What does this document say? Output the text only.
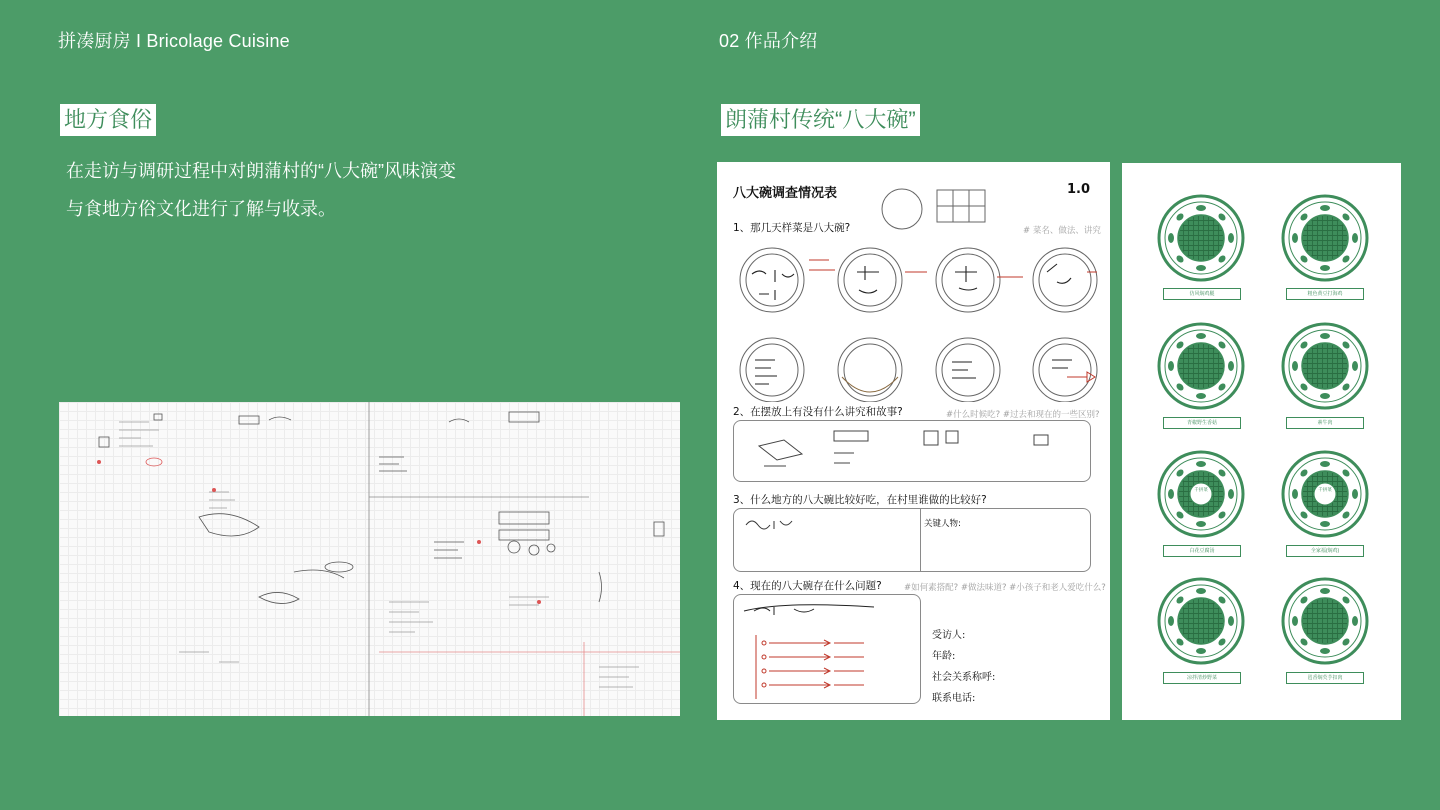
拼凑厨房 I Bricolage Cuisine	02 作品介绍
地方食俗	朗蒲村传统“八大碗”
在走访与调研过程中对朗蒲村的“八大碗”风味演变与食地方俗文化进行了解与收录。
八大碗调查情况表	1.0
1、那几天样菜是八大碗?	# 菜名、做法、讲究
2、在摆放上有没有什么讲究和故事?	#什么时候吃? #过去和现在的一些区别?
3、什么地方的八大碗比较好吃，在村里谁做的比较好?
关键人物:
4、现在的八大碗存在什么问题?	#如何素搭配? #做法味道? #小孩子和老人爱吃什么?
受访人:
年龄:
社会关系称呼:
联系电话:
千拼菜	千拼菜
仿风焖鸡腿	粗色黄豆打海鸡
青椒野生香菇	素牛肉
白花豆腐汤	全家福(焖鸡)
凉拌清炒野菜	邕香焖芡芋扣肉
